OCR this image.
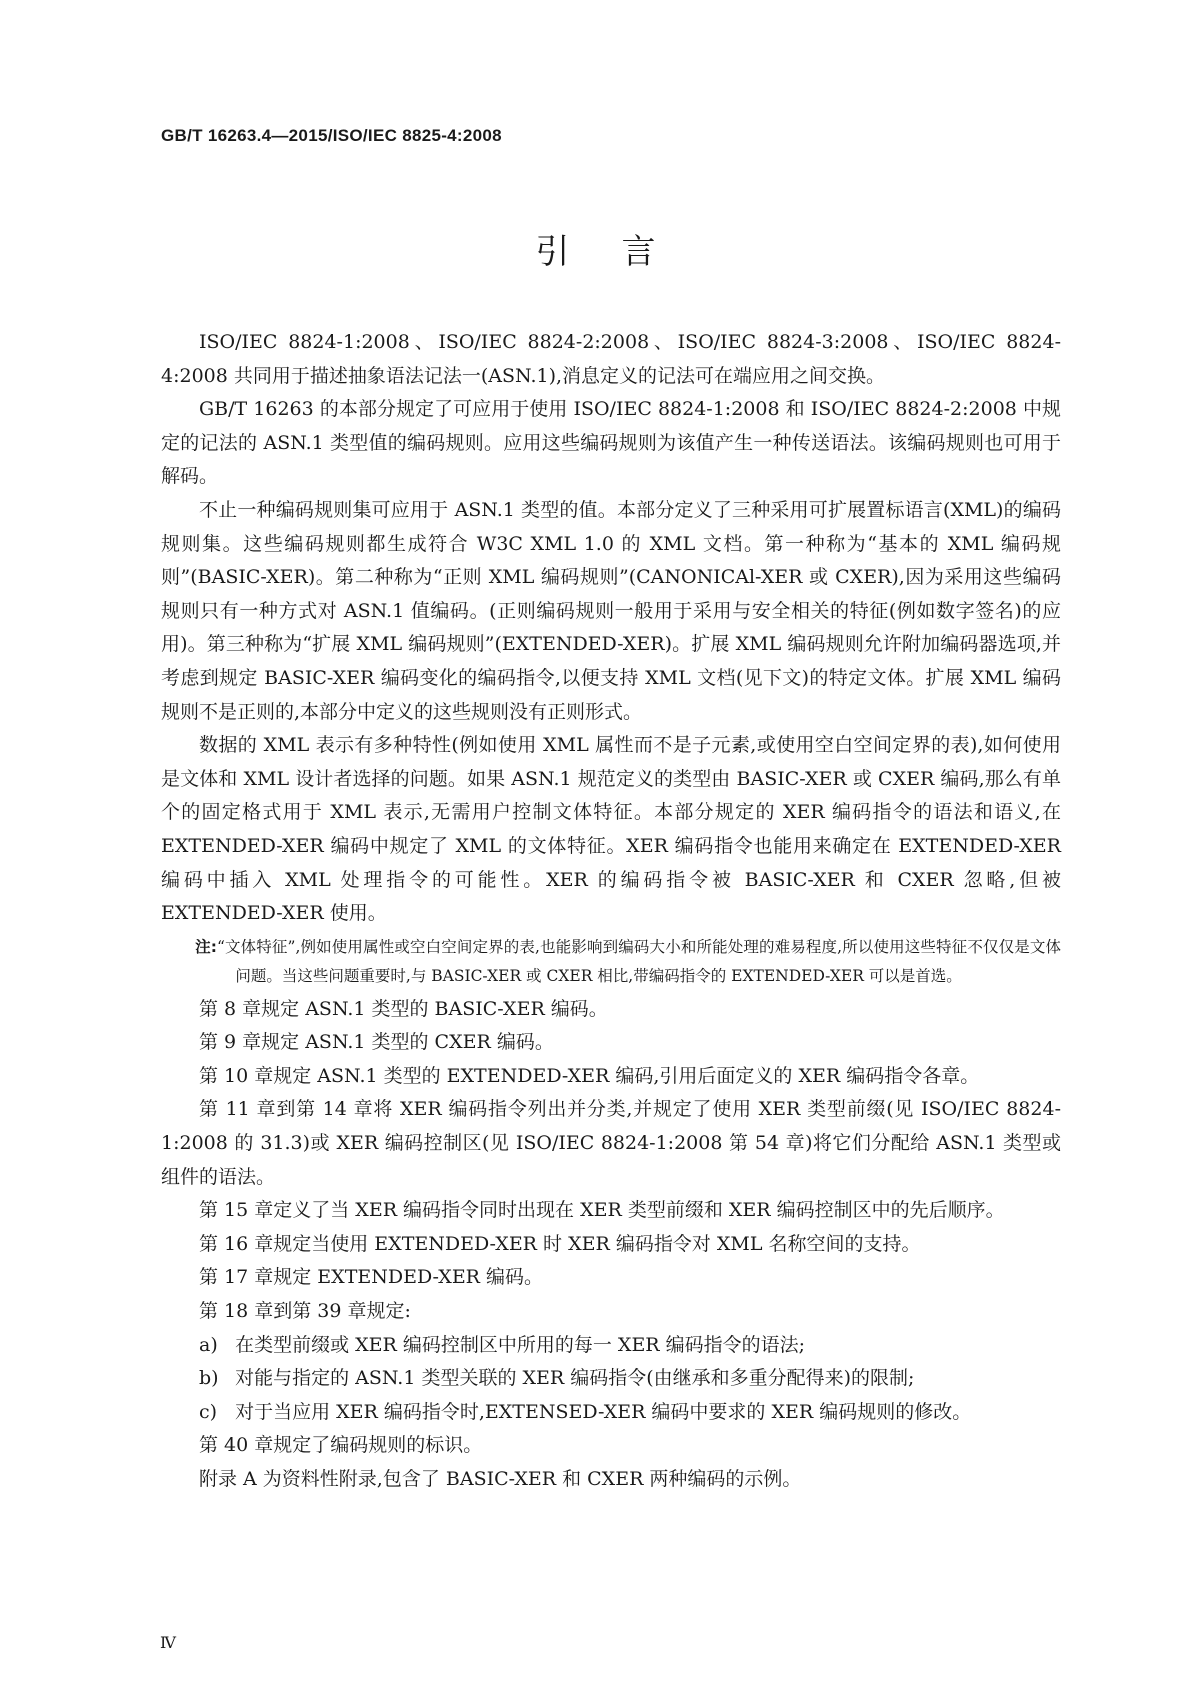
GB/T 16263.4—2015/ISO/IEC 8825-4:2008
引言

ISO/IEC 8824-1:2008、ISO/IEC 8824-2:2008、ISO/IEC 8824-3:2008、ISO/IEC 8824-4:2008 共同用于描述抽象语法记法一(ASN.1),消息定义的记法可在端应用之间交换。

GB/T 16263 的本部分规定了可应用于使用 ISO/IEC 8824-1:2008 和 ISO/IEC 8824-2:2008 中规定的记法的 ASN.1 类型值的编码规则。应用这些编码规则为该值产生一种传送语法。该编码规则也可用于解码。

不止一种编码规则集可应用于 ASN.1 类型的值。本部分定义了三种采用可扩展置标语言(XML)的编码规则集。这些编码规则都生成符合 W3C XML 1.0 的 XML 文档。第一种称为“基本的 XML 编码规则”(BASIC-XER)。第二种称为“正则 XML 编码规则”(CANONICAl-XER 或 CXER),因为采用这些编码规则只有一种方式对 ASN.1 值编码。(正则编码规则一般用于采用与安全相关的特征(例如数字签名)的应用)。第三种称为“扩展 XML 编码规则”(EXTENDED-XER)。扩展 XML 编码规则允许附加编码器选项,并考虑到规定 BASIC-XER 编码变化的编码指令,以便支持 XML 文档(见下文)的特定文体。扩展 XML 编码规则不是正则的,本部分中定义的这些规则没有正则形式。

数据的 XML 表示有多种特性(例如使用 XML 属性而不是子元素,或使用空白空间定界的表),如何使用是文体和 XML 设计者选择的问题。如果 ASN.1 规范定义的类型由 BASIC-XER 或 CXER 编码,那么有单个的固定格式用于 XML 表示,无需用户控制文体特征。本部分规定的 XER 编码指令的语法和语义,在 EXTENDED-XER 编码中规定了 XML 的文体特征。XER 编码指令也能用来确定在 EXTENDED-XER 编码中插入 XML 处理指令的可能性。XER 的编码指令被 BASIC-XER 和 CXER 忽略,但被 EXTENDED-XER 使用。

注:“文体特征”,例如使用属性或空白空间定界的表,也能影响到编码大小和所能处理的难易程度,所以使用这些特征不仅仅是文体问题。当这些问题重要时,与 BASIC-XER 或 CXER 相比,带编码指令的 EXTENDED-XER 可以是首选。

第 8 章规定 ASN.1 类型的 BASIC-XER 编码。

第 9 章规定 ASN.1 类型的 CXER 编码。

第 10 章规定 ASN.1 类型的 EXTENDED-XER 编码,引用后面定义的 XER 编码指令各章。

第 11 章到第 14 章将 XER 编码指令列出并分类,并规定了使用 XER 类型前缀(见 ISO/IEC 8824-1:2008 的 31.3)或 XER 编码控制区(见 ISO/IEC 8824-1:2008 第 54 章)将它们分配给 ASN.1 类型或组件的语法。

第 15 章定义了当 XER 编码指令同时出现在 XER 类型前缀和 XER 编码控制区中的先后顺序。

第 16 章规定当使用 EXTENDED-XER 时 XER 编码指令对 XML 名称空间的支持。

第 17 章规定 EXTENDED-XER 编码。

第 18 章到第 39 章规定:

a) 在类型前缀或 XER 编码控制区中所用的每一 XER 编码指令的语法;

b) 对能与指定的 ASN.1 类型关联的 XER 编码指令(由继承和多重分配得来)的限制;

c) 对于当应用 XER 编码指令时,EXTENSED-XER 编码中要求的 XER 编码规则的修改。

第 40 章规定了编码规则的标识。

附录 A 为资料性附录,包含了 BASIC-XER 和 CXER 两种编码的示例。

Ⅳ
